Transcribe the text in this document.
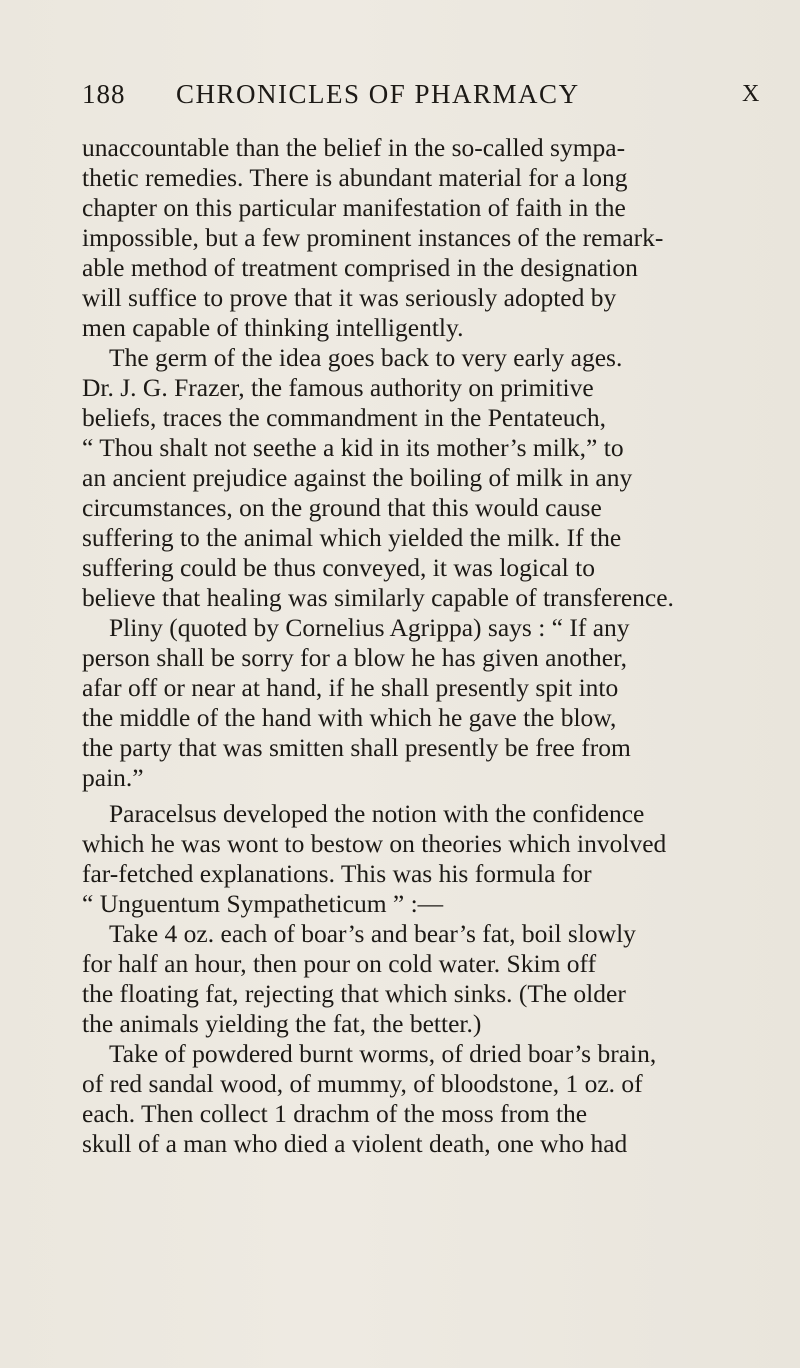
188 CHRONICLES OF PHARMACY	X
unaccountable than the belief in the so-called sympa-
thetic remedies. There is abundant material for a long
chapter on this particular manifestation of faith in the
impossible, but a few prominent instances of the remark-
able method of treatment comprised in the designation
will suffice to prove that it was seriously adopted by
men capable of thinking intelligently.
The germ of the idea goes back to very early ages.
Dr. J. G. Frazer, the famous authority on primitive
beliefs, traces the commandment in the Pentateuch,
“ Thou shalt not seethe a kid in its mother’s milk,” to
an ancient prejudice against the boiling of milk in any
circumstances, on the ground that this would cause
suffering to the animal which yielded the milk. If the
suffering could be thus conveyed, it was logical to
believe that healing was similarly capable of transference.
Pliny (quoted by Cornelius Agrippa) says : “ If any
person shall be sorry for a blow he has given another,
afar off or near at hand, if he shall presently spit into
the middle of the hand with which he gave the blow,
the party that was smitten shall presently be free from
pain.”
Paracelsus developed the notion with the confidence
which he was wont to bestow on theories which involved
far-fetched explanations. This was his formula for
“ Unguentum Sympatheticum ” :—
Take 4 oz. each of boar’s and bear’s fat, boil slowly
for half an hour, then pour on cold water. Skim off
the floating fat, rejecting that which sinks. (The older
the animals yielding the fat, the better.)
Take of powdered burnt worms, of dried boar’s brain,
of red sandal wood, of mummy, of bloodstone, 1 oz. of
each. Then collect 1 drachm of the moss from the
skull of a man who died a violent death, one who had
